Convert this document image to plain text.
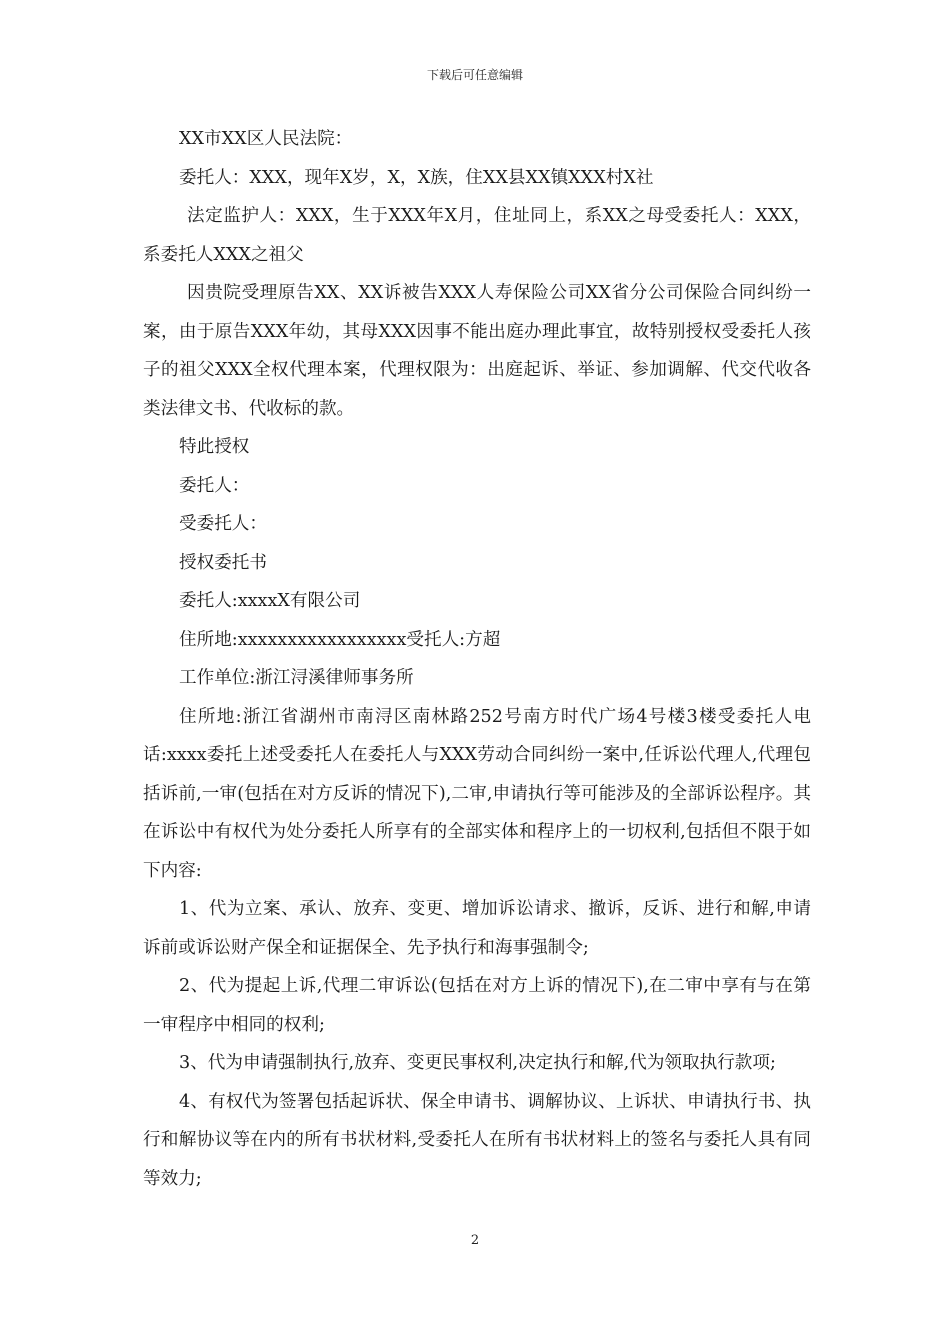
下载后可任意编辑

XX市XX区人民法院：

委托人：XXX，现年X岁，X，X族，住XX县XX镇XXX村X社

法定监护人：XXX，生于XXX年X月，住址同上，系XX之母受委托人：XXX，系委托人XXX之祖父

因贵院受理原告XX、XX诉被告XXX人寿保险公司XX省分公司保险合同纠纷一案，由于原告XXX年幼，其母XXX因事不能出庭办理此事宜，故特别授权受委托人孩子的祖父XXX全权代理本案，代理权限为：出庭起诉、举证、参加调解、代交代收各类法律文书、代收标的款。

特此授权

委托人：

受委托人：

授权委托书

委托人:xxxxX有限公司

住所地:xxxxxxxxxxxxxxxxx受托人:方超

工作单位:浙江浔溪律师事务所

住所地:浙江省湖州市南浔区南林路252号南方时代广场4号楼3楼受委托人电话:xxxx委托上述受委托人在委托人与XXX劳动合同纠纷一案中,任诉讼代理人,代理包括诉前,一审(包括在对方反诉的情况下),二审,申请执行等可能涉及的全部诉讼程序。其在诉讼中有权代为处分委托人所享有的全部实体和程序上的一切权利,包括但不限于如下内容:

1、代为立案、承认、放弃、变更、增加诉讼请求、撤诉，反诉、进行和解,申请诉前或诉讼财产保全和证据保全、先予执行和海事强制令;

2、代为提起上诉,代理二审诉讼(包括在对方上诉的情况下),在二审中享有与在第一审程序中相同的权利;

3、代为申请强制执行,放弃、变更民事权利,决定执行和解,代为领取执行款项;

4、有权代为签署包括起诉状、保全申请书、调解协议、上诉状、申请执行书、执行和解协议等在内的所有书状材料,受委托人在所有书状材料上的签名与委托人具有同等效力;

2
